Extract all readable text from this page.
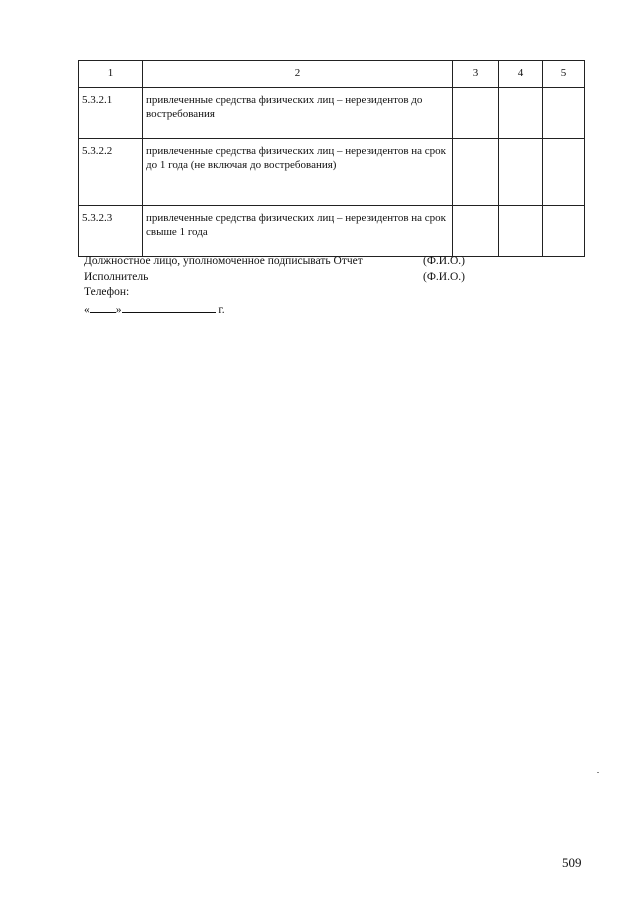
1	2	3	4	5
5.3.2.1	привлеченные средства физических лиц – нерезидентов до востребования			
5.3.2.2	привлеченные средства физических лиц – нерезидентов на срок до 1 года (не включая до востребования)			
5.3.2.3	привлеченные средства физических лиц – нерезидентов на срок свыше 1 года			
Должностное лицо, уполномоченное подписывать Отчет	(Ф.И.О.)
Исполнитель	(Ф.И.О.)
Телефон:
« »	г.
509
